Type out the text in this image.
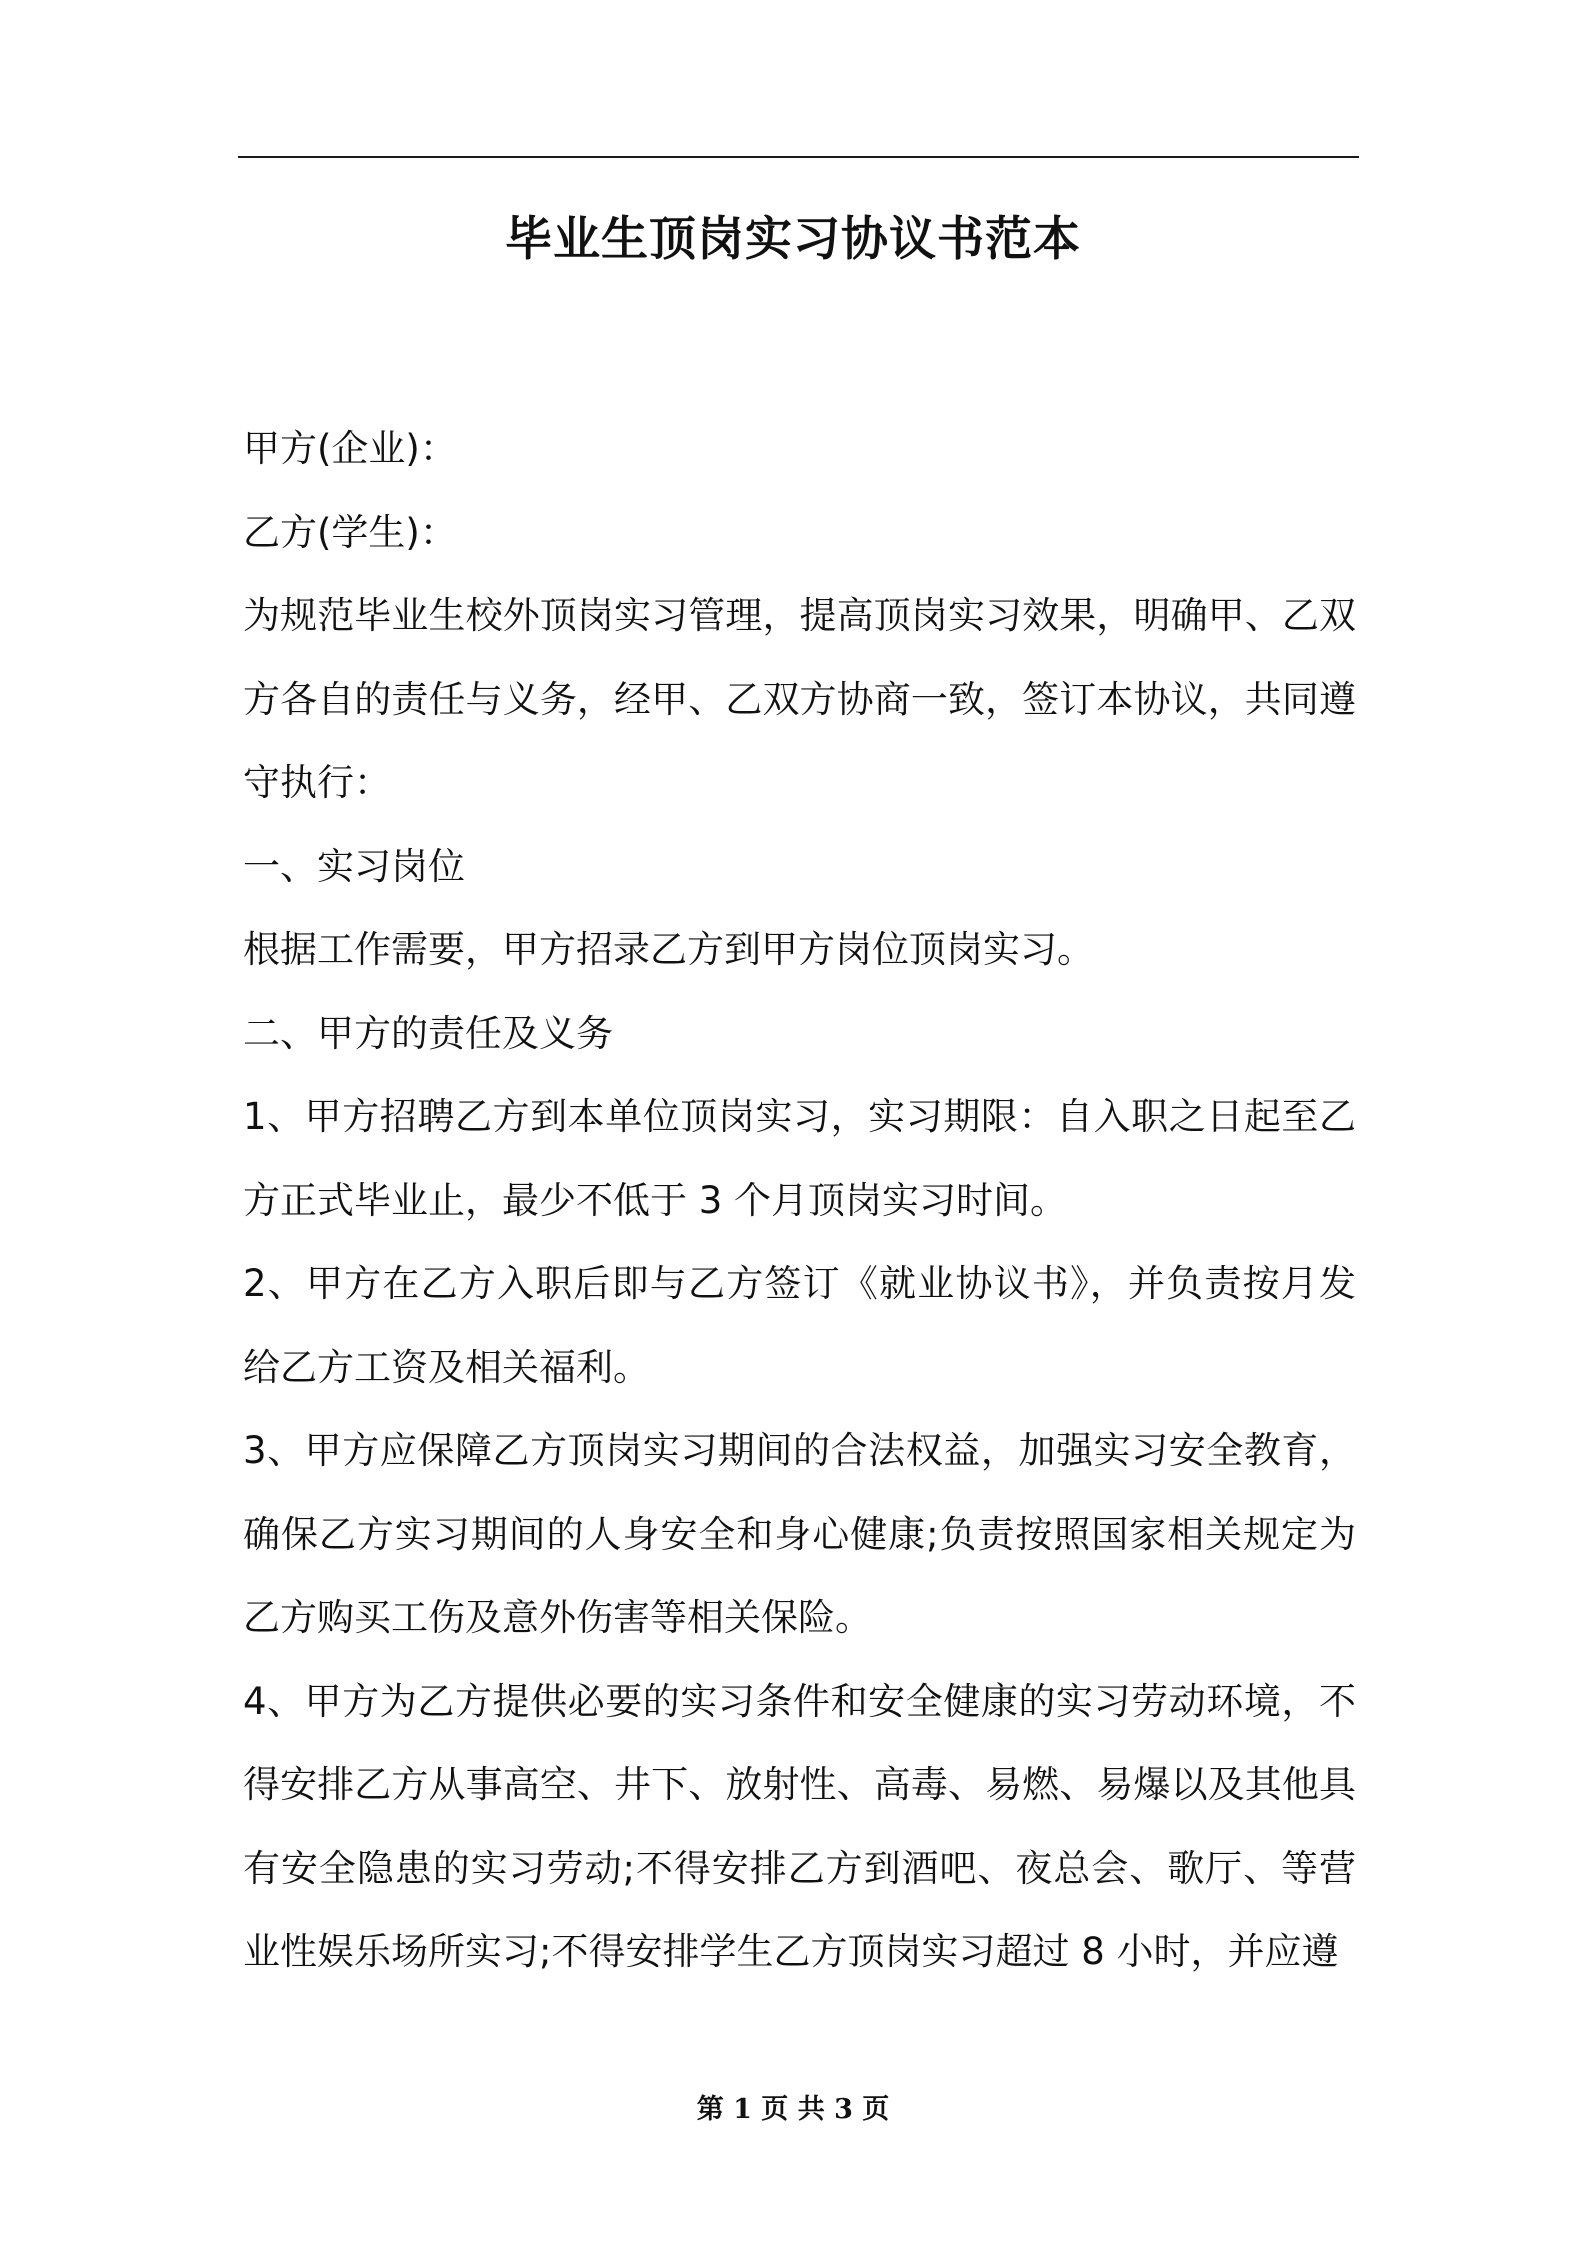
毕业生顶岗实习协议书范本

甲方(企业)：

乙方(学生)：

为规范毕业生校外顶岗实习管理，提高顶岗实习效果，明确甲、乙双方各自的责任与义务，经甲、乙双方协商一致，签订本协议，共同遵守执行：

一、实习岗位

根据工作需要，甲方招录乙方到甲方岗位顶岗实习。

二、甲方的责任及义务

1、甲方招聘乙方到本单位顶岗实习，实习期限：自入职之日起至乙方正式毕业止，最少不低于 3 个月顶岗实习时间。

2、甲方在乙方入职后即与乙方签订《就业协议书》，并负责按月发给乙方工资及相关福利。

3、甲方应保障乙方顶岗实习期间的合法权益，加强实习安全教育，确保乙方实习期间的人身安全和身心健康;负责按照国家相关规定为乙方购买工伤及意外伤害等相关保险。

4、甲方为乙方提供必要的实习条件和安全健康的实习劳动环境，不得安排乙方从事高空、井下、放射性、高毒、易燃、易爆以及其他具有安全隐患的实习劳动;不得安排乙方到酒吧、夜总会、歌厅、等营业性娱乐场所实习;不得安排学生乙方顶岗实习超过 8 小时，并应遵

第 1 页 共 3 页
